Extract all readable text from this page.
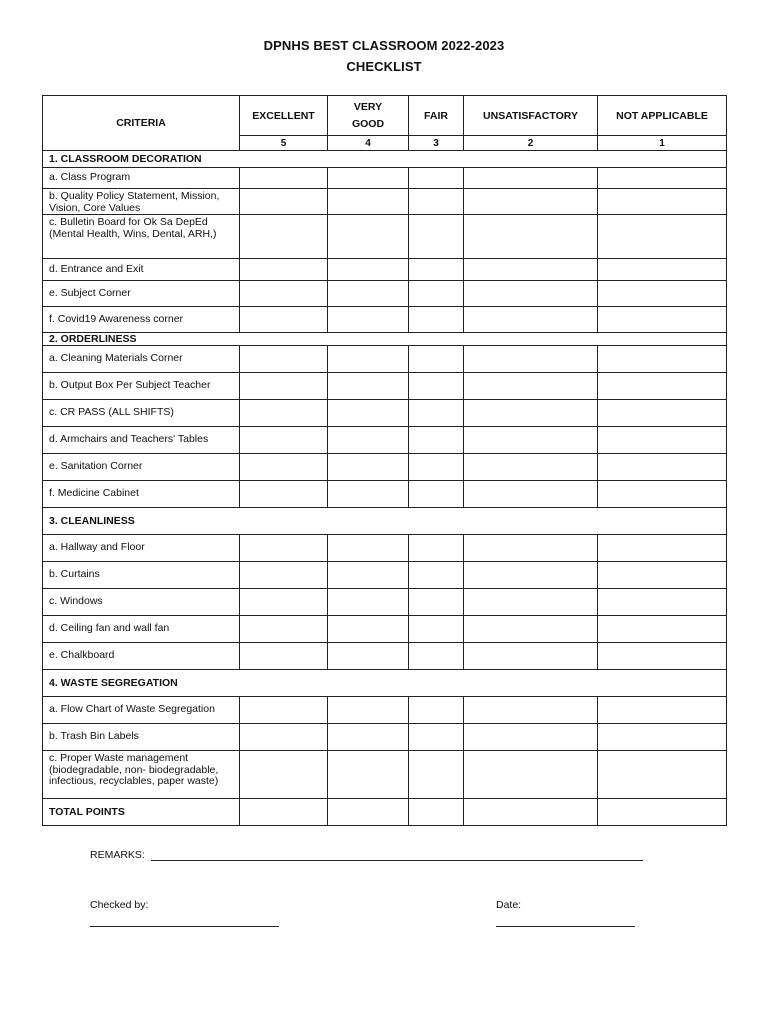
DPNHS BEST CLASSROOM 2022-2023
CHECKLIST
CRITERIA	EXCELLENT	VERY GOOD	FAIR	UNSATISFACTORY	NOT APPLICABLE
	5	4	3	2	1
1. CLASSROOM DECORATION					
a. Class Program					
b. Quality Policy Statement, Mission, Vision, Core Values					
c. Bulletin Board for Ok Sa DepEd (Mental Health, Wins, Dental, ARH,)					
d. Entrance and Exit					
e. Subject Corner					
f. Covid19 Awareness corner					
2. ORDERLINESS					
a. Cleaning Materials Corner					
b. Output Box Per Subject Teacher					
c. CR PASS (ALL SHIFTS)					
d. Armchairs and Teachers' Tables					
e. Sanitation Corner					
f. Medicine Cabinet					
3. CLEANLINESS					
a. Hallway and Floor					
b. Curtains					
c. Windows					
d. Ceiling fan and wall fan					
e. Chalkboard					
4. WASTE SEGREGATION					
a. Flow Chart of Waste Segregation					
b. Trash Bin Labels					
c. Proper Waste management (biodegradable, non- biodegradable, infectious, recyclables, paper waste)					
TOTAL POINTS					
REMARKS:
Checked by:	Date:
